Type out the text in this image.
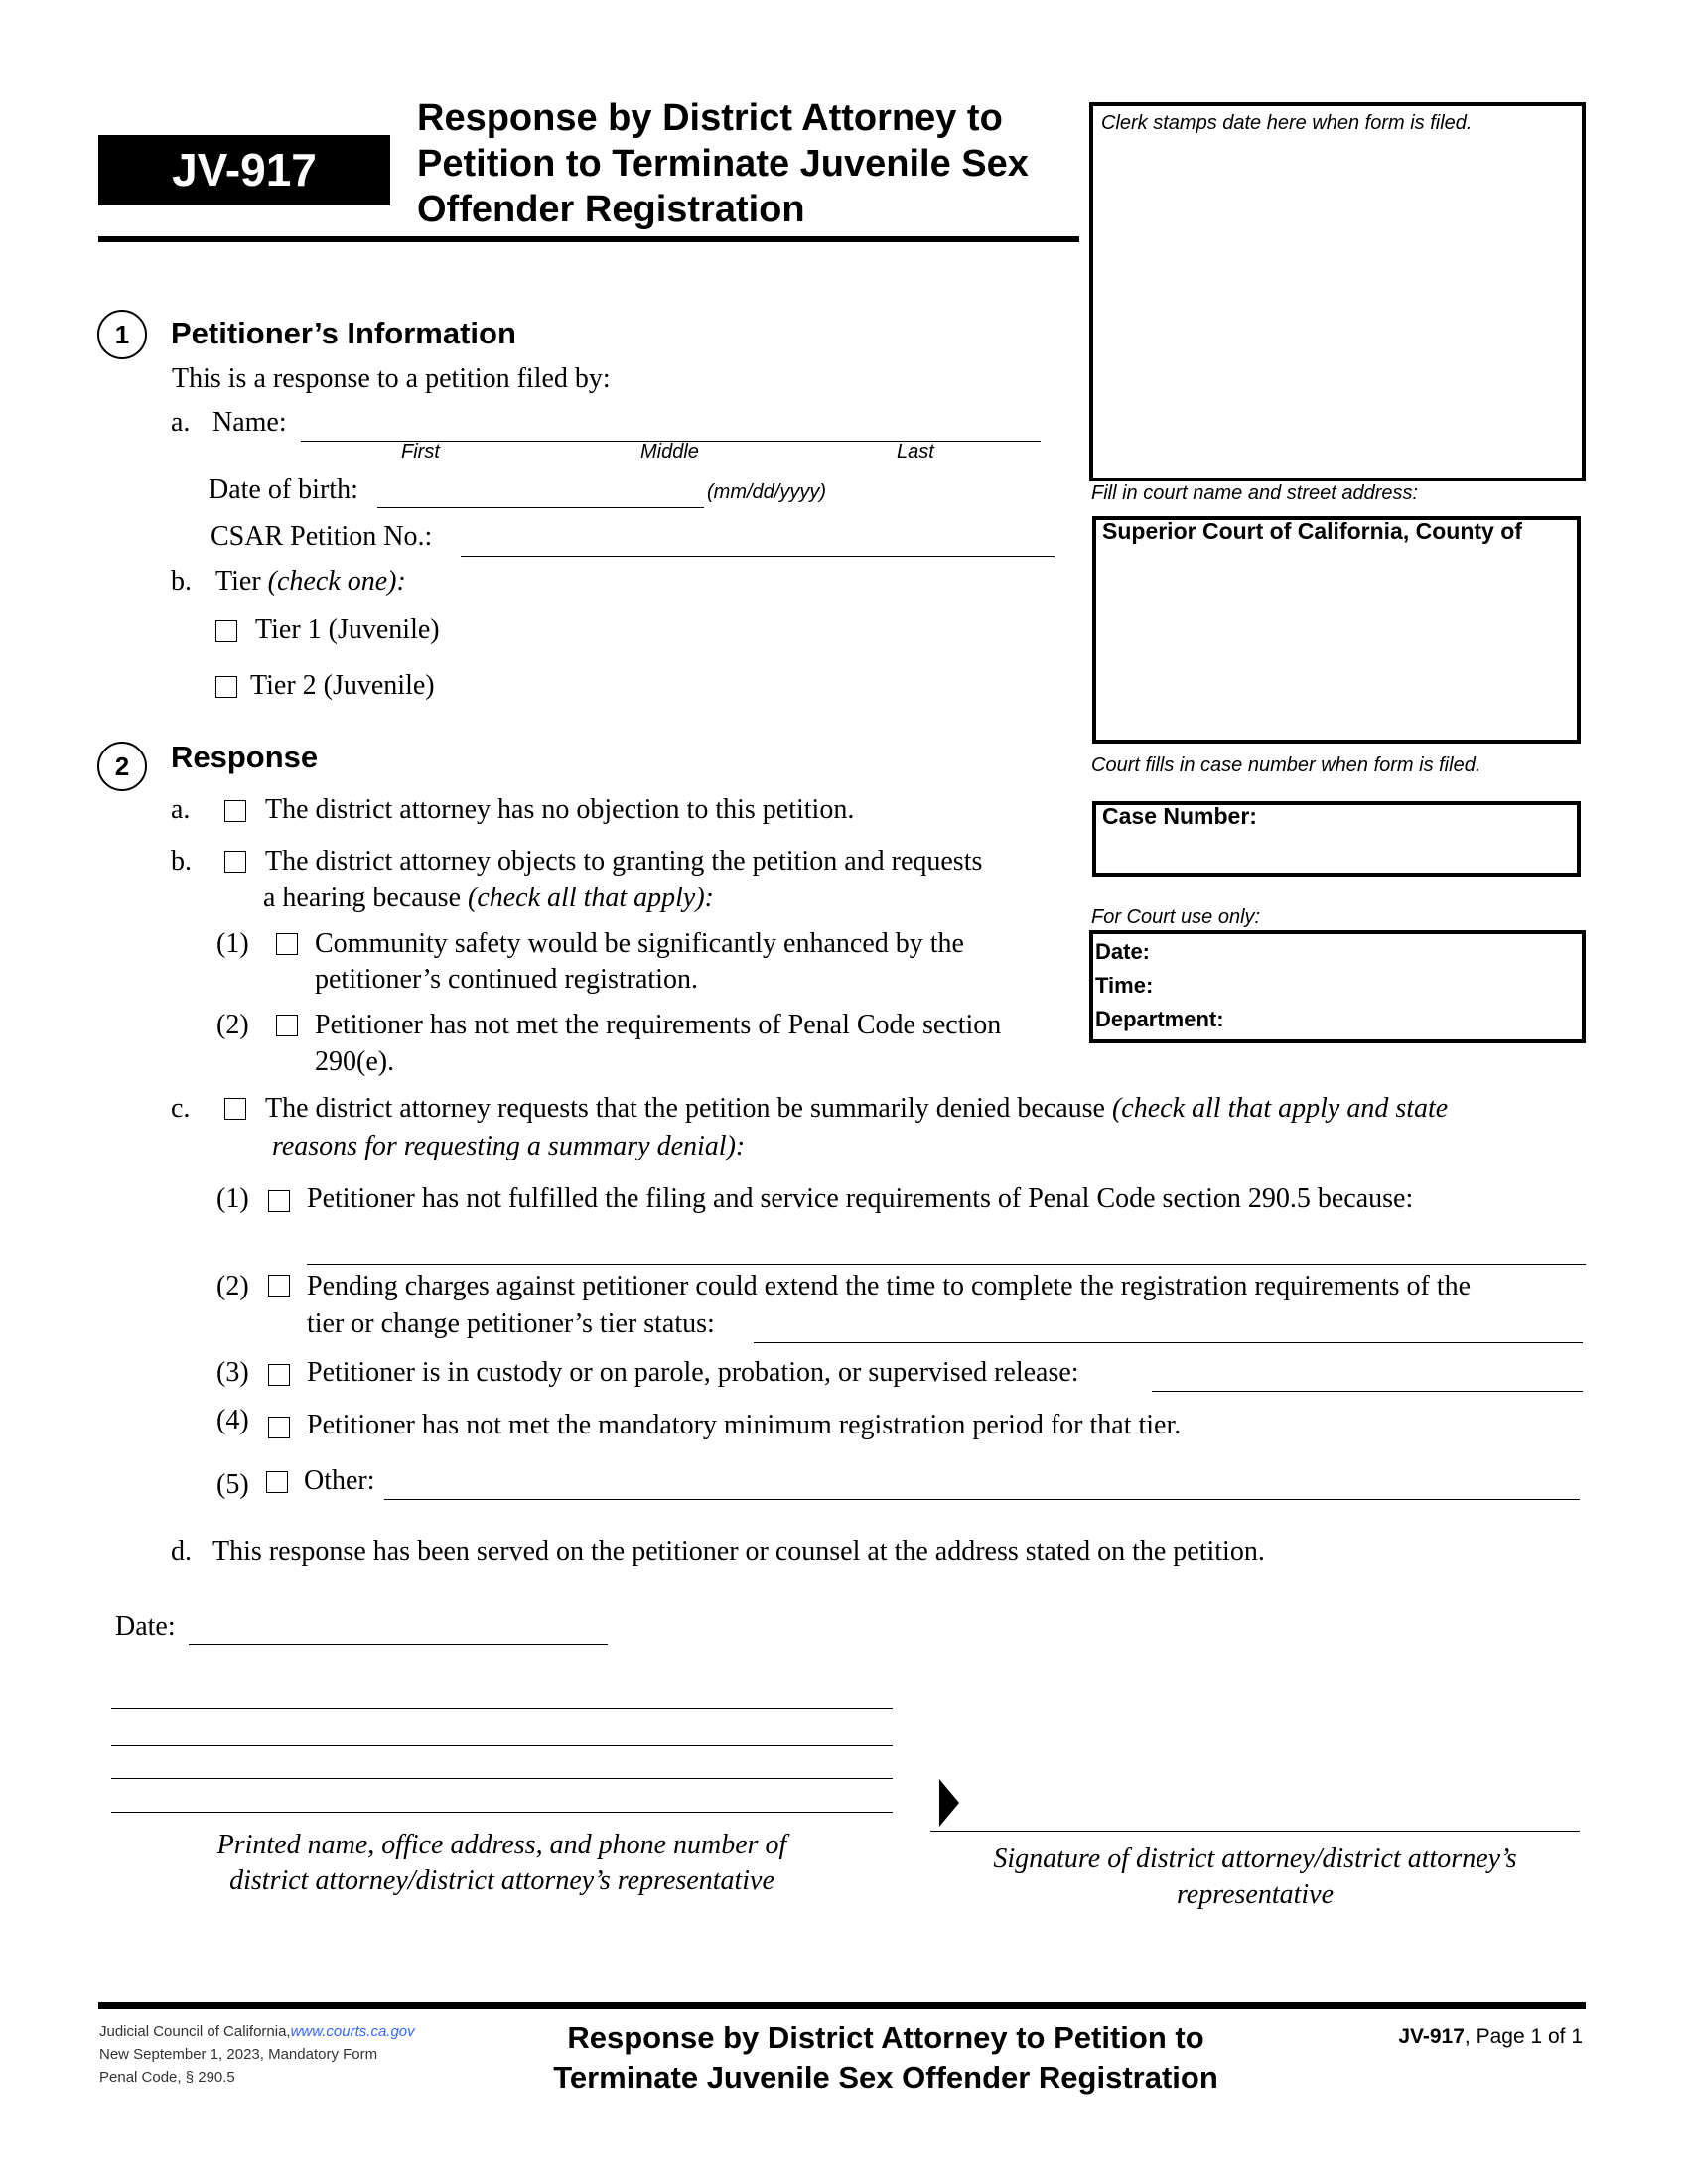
JV-917
Response by District Attorney to
Petition to Terminate Juvenile Sex
Offender Registration
Clerk stamps date here when form is filed.
Fill in court name and street address:
Superior Court of California, County of
Court fills in case number when form is filed.
Case Number:
For Court use only:
Date:
Time:
Department:
1	Petitioner’s Information
This is a response to a petition filed by:
a. Name:
First	Middle	Last
Date of birth:	(mm/dd/yyyy)
CSAR Petition No.:
b. Tier (check one):
Tier 1 (Juvenile)
Tier 2 (Juvenile)
2	Response
a.	The district attorney has no objection to this petition.
b.	The district attorney objects to granting the petition and requests
a hearing because (check all that apply):
(1) Community safety would be significantly enhanced by the
petitioner’s continued registration.
(2) Petitioner has not met the requirements of Penal Code section
290(e).
c.	The district attorney requests that the petition be summarily denied because (check all that apply and state
reasons for requesting a summary denial):
(1) Petitioner has not fulfilled the filing and service requirements of Penal Code section 290.5 because:
(2) Pending charges against petitioner could extend the time to complete the registration requirements of the
tier or change petitioner’s tier status:
(3) Petitioner is in custody or on parole, probation, or supervised release:
(4) Petitioner has not met the mandatory minimum registration period for that tier.
(5) Other:
d. This response has been served on the petitioner or counsel at the address stated on the petition.
Date:
Printed name, office address, and phone number of
district attorney/district attorney’s representative
Signature of district attorney/district attorney’s
representative
Judicial Council of California,www.courts.ca.gov
New September 1, 2023, Mandatory Form
Penal Code, § 290.5
Response by District Attorney to Petition to
Terminate Juvenile Sex Offender Registration
JV-917, Page 1 of 1
